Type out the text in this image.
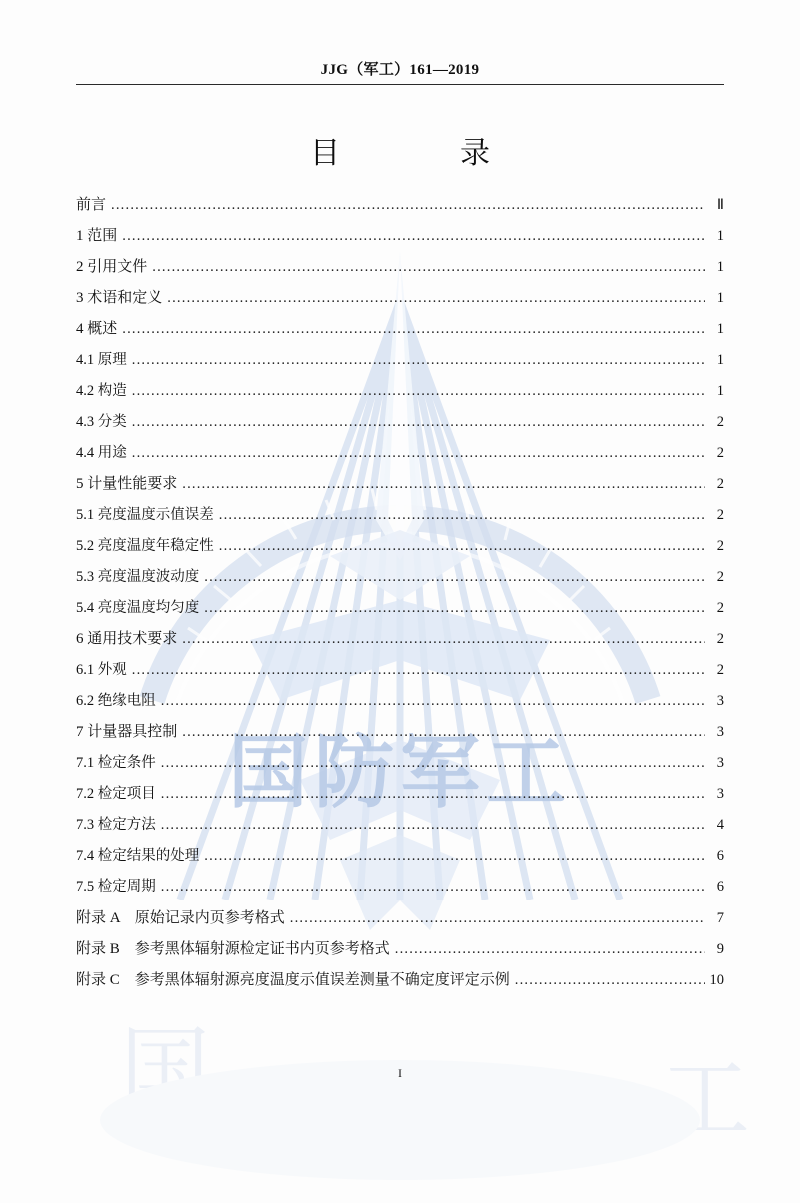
国防军工
国	工
JJG（军工）161—2019
目　　录
前言 .....	Ⅱ
1 范围 .....	1
2 引用文件 .....	1
3 术语和定义 .....	1
4 概述 .....	1
4.1 原理 .....	1
4.2 构造 .....	1
4.3 分类 .....	2
4.4 用途 .....	2
5 计量性能要求 .....	2
5.1 亮度温度示值误差 .....	2
5.2 亮度温度年稳定性 .....	2
5.3 亮度温度波动度 .....	2
5.4 亮度温度均匀度 .....	2
6 通用技术要求 .....	2
6.1 外观 .....	2
6.2 绝缘电阻 .....	3
7 计量器具控制 .....	3
7.1 检定条件 .....	3
7.2 检定项目 .....	3
7.3 检定方法 .....	4
7.4 检定结果的处理 .....	6
7.5 检定周期 .....	6
附录 A　原始记录内页参考格式 .....	7
附录 B　参考黑体辐射源检定证书内页参考格式 .....	9
附录 C　参考黑体辐射源亮度温度示值误差测量不确定度评定示例 .....	10
I
